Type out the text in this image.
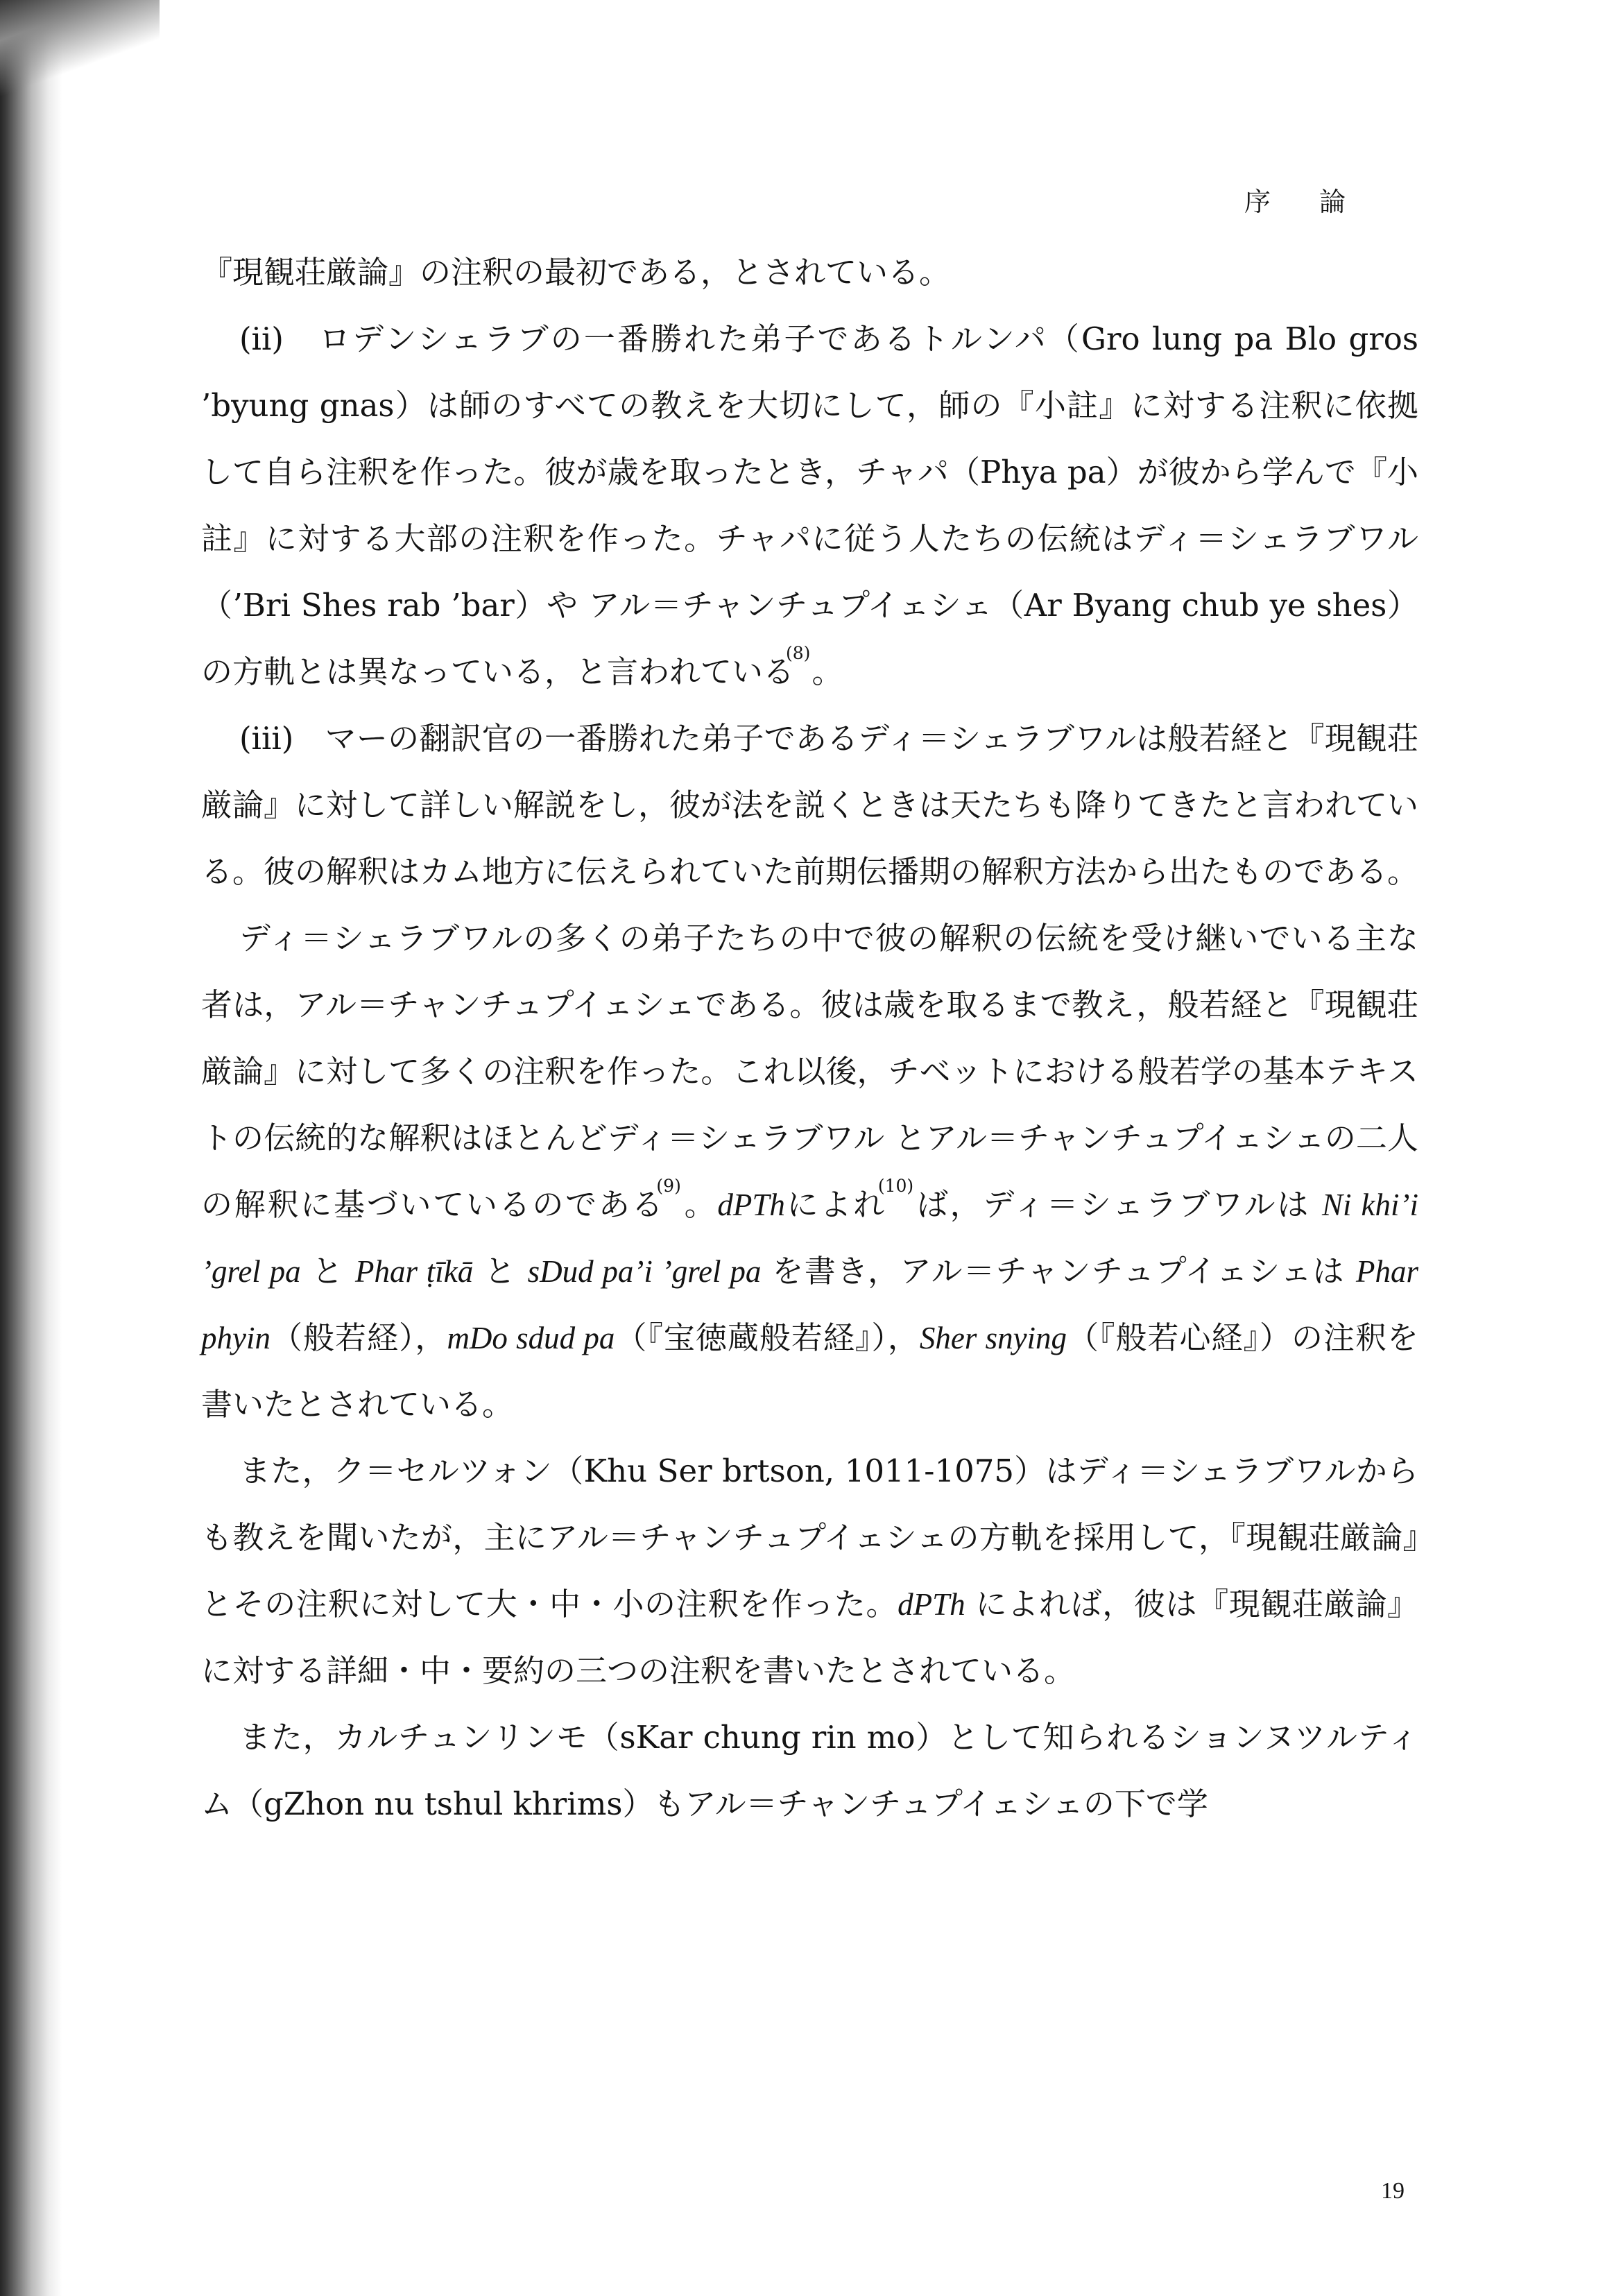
序論

『現観荘厳論』の注釈の最初である，とされている。

(ii)　ロデンシェラブの一番勝れた弟子であるトルンパ（Gro lung pa Blo gros ’byung gnas）は師のすべての教えを大切にして，師の『小註』に対する注釈に依拠して自ら注釈を作った。彼が歳を取ったとき，チャパ（Phya pa）が彼から学んで『小註』に対する大部の注釈を作った。チャパに従う人たちの伝統はディ＝シェラブワル（’Bri Shes rab ’bar）や アル＝チャンチュプイェシェ（Ar Byang chub ye shes）の方軌とは異なっている，と言われている$^{(8)}$。

(iii)　マーの翻訳官の一番勝れた弟子であるディ＝シェラブワルは般若経と『現観荘厳論』に対して詳しい解説をし，彼が法を説くときは天たちも降りてきたと言われている。彼の解釈はカム地方に伝えられていた前期伝播期の解釈方法から出たものである。

ディ＝シェラブワルの多くの弟子たちの中で彼の解釈の伝統を受け継いでいる主な者は，アル＝チャンチュプイェシェである。彼は歳を取るまで教え，般若経と『現観荘厳論』に対して多くの注釈を作った。これ以後，チベットにおける般若学の基本テキストの伝統的な解釈はほとんどディ＝シェラブワル とアル＝チャンチュプイェシェの二人の解釈に基づいているのである$^{(9)}$。dPThによれ$^{(10)}$ば，ディ＝シェラブワルは Ni khi’i ’grel pa と Phar ṭīkā と sDud pa’i ’grel pa を書き，アル＝チャンチュプイェシェは Phar phyin（般若経），mDo sdud pa（『宝徳蔵般若経』），Sher snying（『般若心経』）の注釈を書いたとされている。

また，ク＝セルツォン（Khu Ser brtson, 1011-1075）はディ＝シェラブワルからも教えを聞いたが，主にアル＝チャンチュプイェシェの方軌を採用して，『現観荘厳論』とその注釈に対して大・中・小の注釈を作った。dPTh によれば，彼は『現観荘厳論』に対する詳細・中・要約の三つの注釈を書いたとされている。

また，カルチュンリンモ（sKar chung rin mo）として知られるションヌツルティム（gZhon nu tshul khrims）もアル＝チャンチュプイェシェの下で学

19
